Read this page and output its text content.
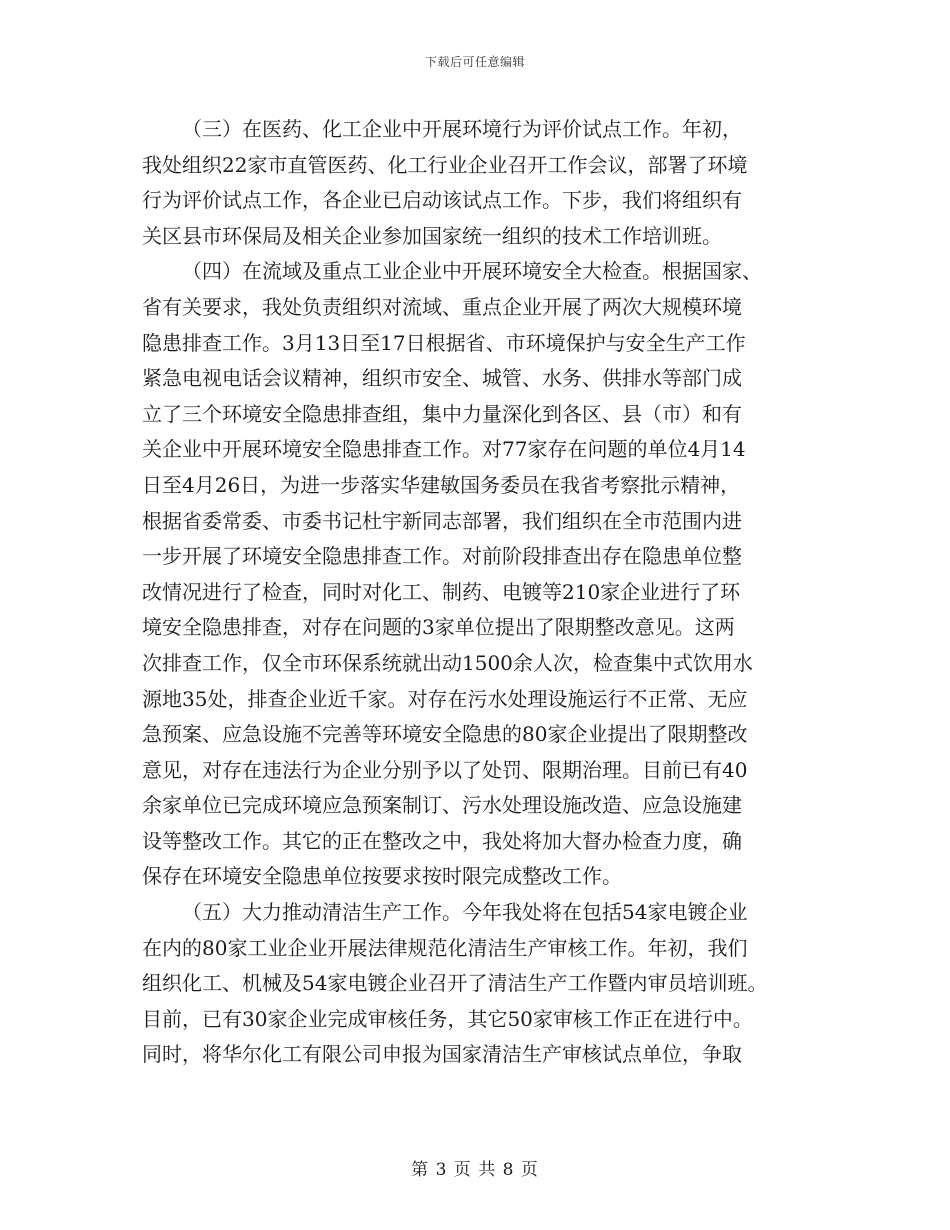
下载后可任意编辑
（三）在医药、化工企业中开展环境行为评价试点工作。年初，
我处组织22家市直管医药、化工行业企业召开工作会议，部署了环境
行为评价试点工作，各企业已启动该试点工作。下步，我们将组织有
关区县市环保局及相关企业参加国家统一组织的技术工作培训班。
（四）在流域及重点工业企业中开展环境安全大检查。根据国家、
省有关要求，我处负责组织对流域、重点企业开展了两次大规模环境
隐患排查工作。3月13日至17日根据省、市环境保护与安全生产工作
紧急电视电话会议精神，组织市安全、城管、水务、供排水等部门成
立了三个环境安全隐患排查组，集中力量深化到各区、县（市）和有
关企业中开展环境安全隐患排查工作。对77家存在问题的单位4月14
日至4月26日，为进一步落实华建敏国务委员在我省考察批示精神，
根据省委常委、市委书记杜宇新同志部署，我们组织在全市范围内进
一步开展了环境安全隐患排查工作。对前阶段排查出存在隐患单位整
改情况进行了检查，同时对化工、制药、电镀等210家企业进行了环
境安全隐患排查，对存在问题的3家单位提出了限期整改意见。这两
次排查工作，仅全市环保系统就出动1500余人次，检查集中式饮用水
源地35处，排查企业近千家。对存在污水处理设施运行不正常、无应
急预案、应急设施不完善等环境安全隐患的80家企业提出了限期整改
意见，对存在违法行为企业分别予以了处罚、限期治理。目前已有40
余家单位已完成环境应急预案制订、污水处理设施改造、应急设施建
设等整改工作。其它的正在整改之中，我处将加大督办检查力度，确
保存在环境安全隐患单位按要求按时限完成整改工作。
（五）大力推动清洁生产工作。今年我处将在包括54家电镀企业
在内的80家工业企业开展法律规范化清洁生产审核工作。年初，我们
组织化工、机械及54家电镀企业召开了清洁生产工作暨内审员培训班。
目前，已有30家企业完成审核任务，其它50家审核工作正在进行中。
同时，将华尔化工有限公司申报为国家清洁生产审核试点单位，争取
第 3 页 共 8 页
